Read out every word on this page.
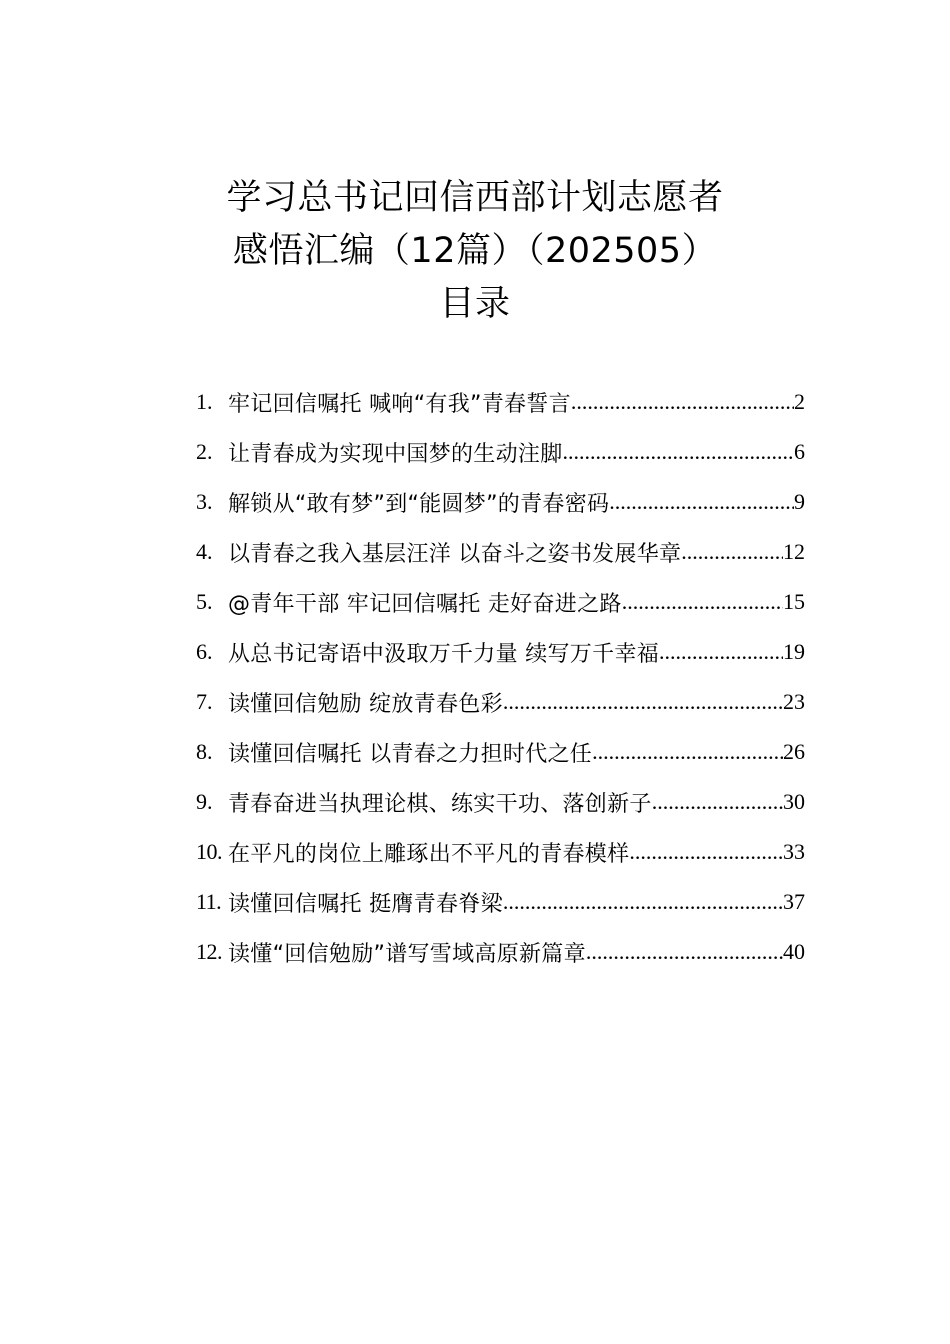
学习总书记回信西部计划志愿者
感悟汇编（12篇）（202505）
目录
1. 牢记回信嘱托 喊响“有我”青春誓言 .....	2
2. 让青春成为实现中国梦的生动注脚 .....	6
3. 解锁从“敢有梦”到“能圆梦”的青春密码 .....	9
4. 以青春之我入基层汪洋 以奋斗之姿书发展华章 .....	12
5. @青年干部 牢记回信嘱托 走好奋进之路 .....	15
6. 从总书记寄语中汲取万千力量 续写万千幸福 .....	19
7. 读懂回信勉励 绽放青春色彩 .....	23
8. 读懂回信嘱托 以青春之力担时代之任 .....	26
9. 青春奋进当执理论棋、练实干功、落创新子 .....	30
10. 在平凡的岗位上雕琢出不平凡的青春模样 .....	33
11. 读懂回信嘱托 挺膺青春脊梁 .....	37
12. 读懂“回信勉励”谱写雪域高原新篇章 .....	40
